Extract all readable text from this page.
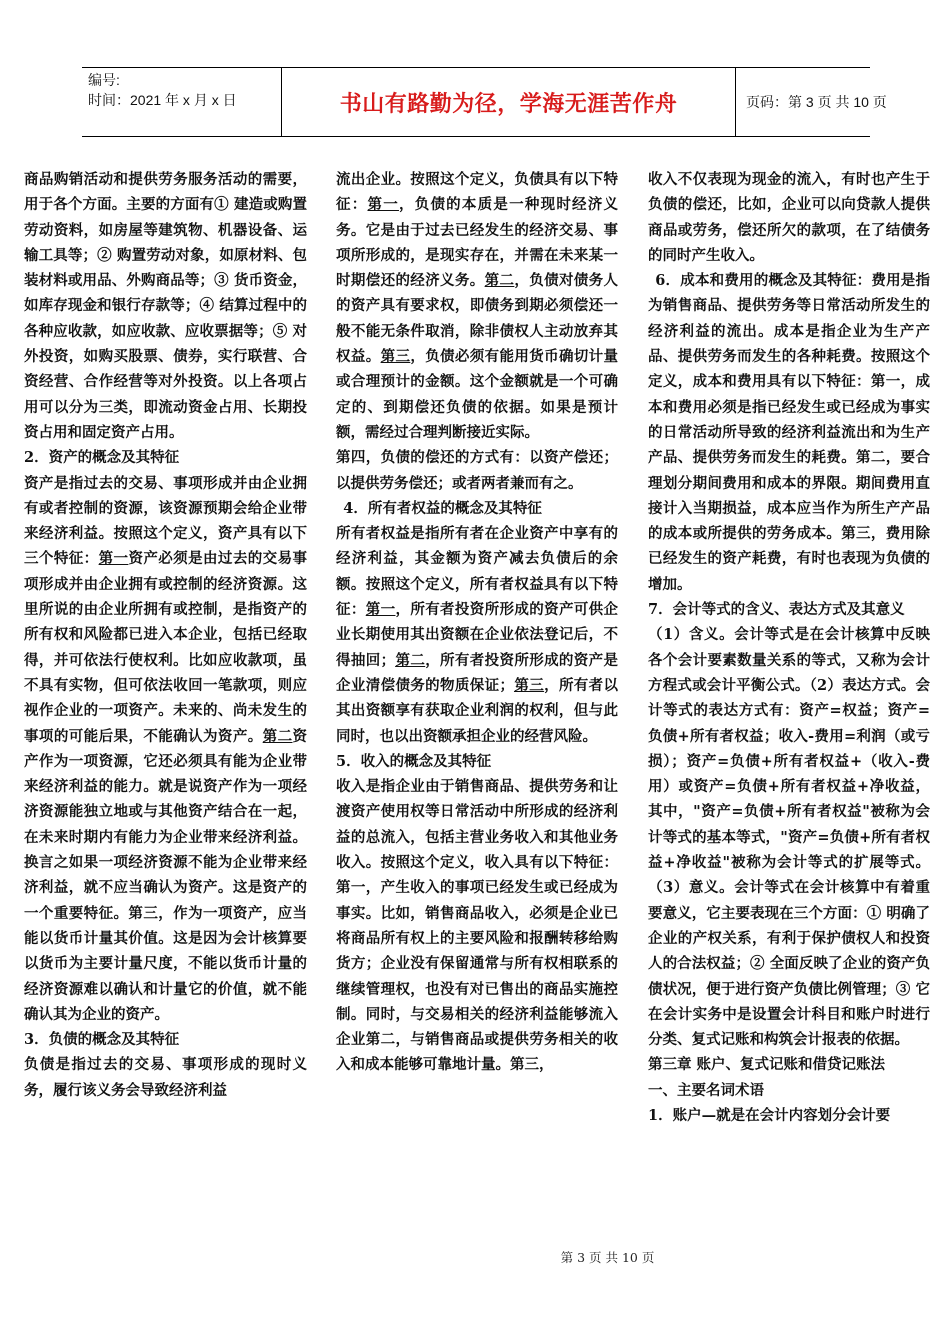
编号:
时间：2021 年 x 月 x 日	书山有路勤为径，学海无涯苦作舟	页码：第 3 页 共 10 页

商品购销活动和提供劳务服务活动的需要，用于各个方面。主要的方面有① 建造或购置劳动资料，如房屋等建筑物、机器设备、运输工具等；② 购置劳动对象，如原材料、包装材料或用品、外购商品等；③ 货币资金，如库存现金和银行存款等；④ 结算过程中的各种应收款，如应收款、应收票据等；⑤ 对外投资，如购买股票、债券，实行联营、合资经营、合作经营等对外投资。以上各项占用可以分为三类，即流动资金占用、长期投资占用和固定资产占用。

2．资产的概念及其特征

资产是指过去的交易、事项形成并由企业拥有或者控制的资源，该资源预期会给企业带来经济利益。按照这个定义，资产具有以下三个特征：第一资产必须是由过去的交易事项形成并由企业拥有或控制的经济资源。这里所说的由企业所拥有或控制，是指资产的所有权和风险都已进入本企业，包括已经取得，并可依法行使权利。比如应收款项，虽不具有实物，但可依法收回一笔款项，则应视作企业的一项资产。未来的、尚未发生的事项的可能后果，不能确认为资产。第二资产作为一项资源，它还必须具有能为企业带来经济利益的能力。就是说资产作为一项经济资源能独立地或与其他资产结合在一起，在未来时期内有能力为企业带来经济利益。换言之如果一项经济资源不能为企业带来经济利益，就不应当确认为资产。这是资产的一个重要特征。第三，作为一项资产，应当能以货币计量其价值。这是因为会计核算要以货币为主要计量尺度，不能以货币计量的经济资源难以确认和计量它的价值，就不能确认其为企业的资产。

3．负债的概念及其特征

负债是指过去的交易、事项形成的现时义务，履行该义务会导致经济利益

流出企业。按照这个定义，负债具有以下特征：第一，负债的本质是一种现时经济义务。它是由于过去已经发生的经济交易、事项所形成的，是现实存在，并需在未来某一时期偿还的经济义务。第二，负债对债务人的资产具有要求权，即债务到期必须偿还一般不能无条件取消，除非债权人主动放弃其权益。第三，负债必须有能用货币确切计量或合理预计的金额。这个金额就是一个可确定的、到期偿还负债的依据。如果是预计额，需经过合理判断接近实际。

第四，负债的偿还的方式有：以资产偿还；以提供劳务偿还；或者两者兼而有之。

4．所有者权益的概念及其特征

所有者权益是指所有者在企业资产中享有的经济利益，其金额为资产减去负债后的余额。按照这个定义，所有者权益具有以下特征：第一，所有者投资所形成的资产可供企业长期使用其出资额在企业依法登记后，不得抽回；第二，所有者投资所形成的资产是企业清偿债务的物质保证；第三，所有者以其出资额享有获取企业利润的权利，但与此同时，也以出资额承担企业的经营风险。

5．收入的概念及其特征

收入是指企业由于销售商品、提供劳务和让渡资产使用权等日常活动中所形成的经济利益的总流入，包括主营业务收入和其他业务收入。按照这个定义，收入具有以下特征：第一，产生收入的事项已经发生或已经成为事实。比如，销售商品收入，必须是企业已将商品所有权上的主要风险和报酬转移给购货方；企业没有保留通常与所有权相联系的继续管理权，也没有对已售出的商品实施控制。同时，与交易相关的经济利益能够流入企业第二，与销售商品或提供劳务相关的收入和成本能够可靠地计量。第三，

收入不仅表现为现金的流入，有时也产生于负债的偿还，比如，企业可以向贷款人提供商品或劳务，偿还所欠的款项，在了结债务的同时产生收入。

6．成本和费用的概念及其特征：费用是指为销售商品、提供劳务等日常活动所发生的经济利益的流出。成本是指企业为生产产品、提供劳务而发生的各种耗费。按照这个定义，成本和费用具有以下特征：第一，成本和费用必须是指已经发生或已经成为事实的日常活动所导致的经济利益流出和为生产产品、提供劳务而发生的耗费。第二，要合理划分期间费用和成本的界限。期间费用直接计入当期损益，成本应当作为所生产产品的成本或所提供的劳务成本。第三，费用除已经发生的资产耗费，有时也表现为负债的增加。

7．会计等式的含义、表达方式及其意义

（1）含义。会计等式是在会计核算中反映各个会计要素数量关系的等式，又称为会计方程式或会计平衡公式。（2）表达方式。会计等式的表达方式有：资产=权益；资产=负债+所有者权益；收入-费用=利润（或亏损）；资产=负债+所有者权益+（收入-费用）或资产=负债+所有者权益+净收益，其中，"资产=负债+所有者权益"被称为会计等式的基本等式，"资产=负债+所有者权益+净收益"被称为会计等式的扩展等式。（3）意义。会计等式在会计核算中有着重要意义，它主要表现在三个方面：① 明确了企业的产权关系，有利于保护债权人和投资人的合法权益；② 全面反映了企业的资产负债状况，便于进行资产负债比例管理；③ 它在会计实务中是设置会计科目和账户时进行分类、复式记账和构筑会计报表的依据。

第三章 账户、复式记账和借贷记账法

一、主要名词术语

1．账户—就是在会计内容划分会计要

第 3 页 共 10 页
